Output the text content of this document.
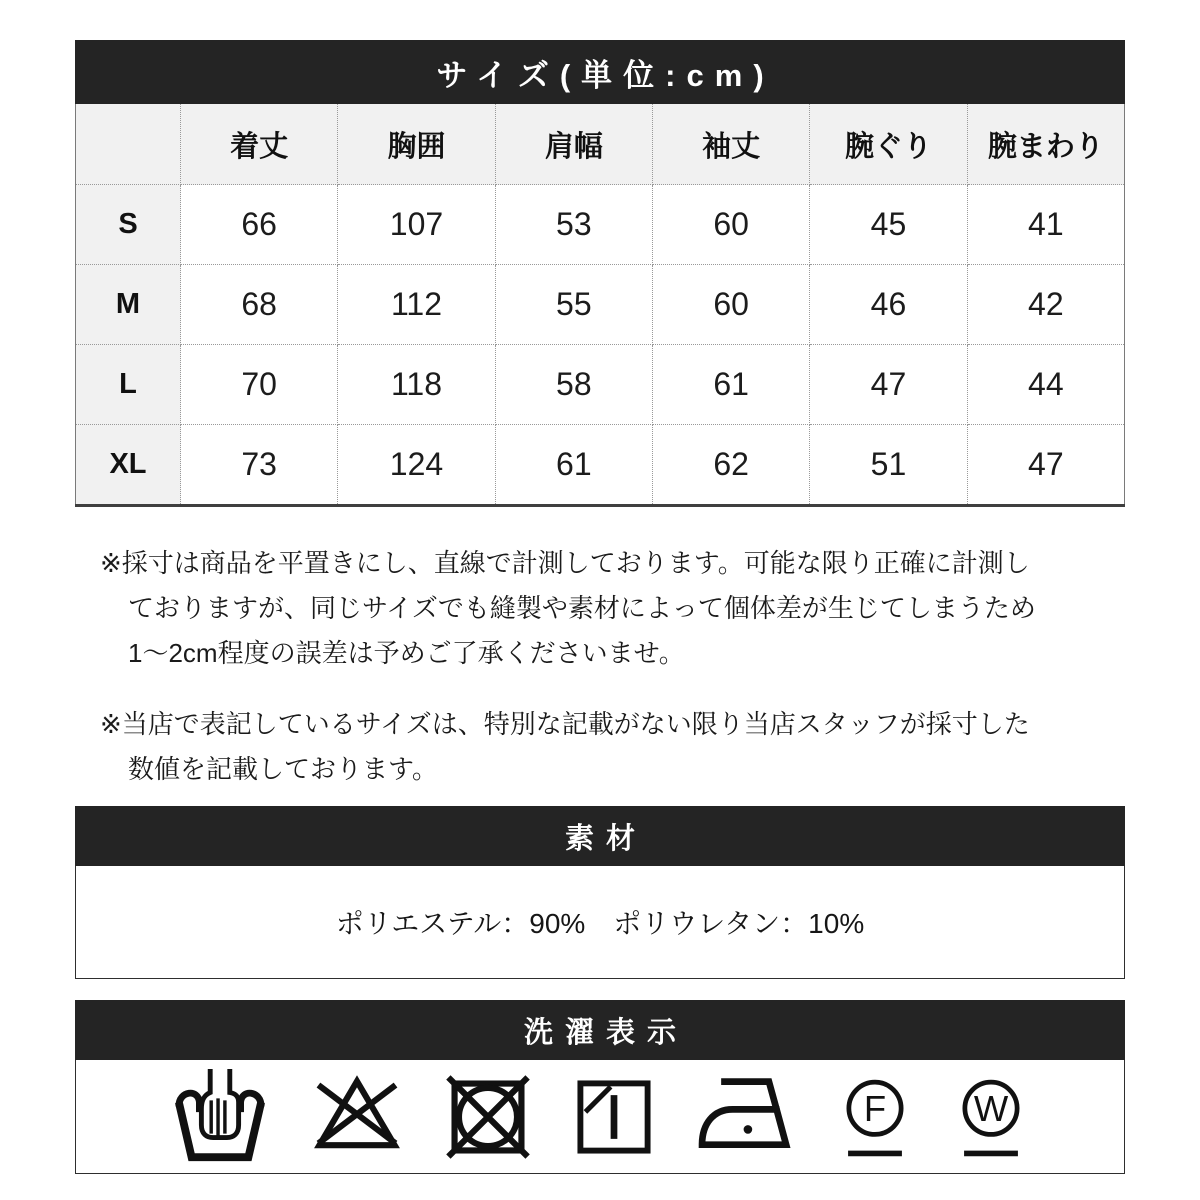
サイズ(単位:cm)						
	着丈	胸囲	肩幅	袖丈	腕ぐり	腕まわり
S	66	107	53	60	45	41
M	68	112	55	60	46	42
L	70	118	58	61	47	44
XL	73	124	61	62	51	47
※採寸は商品を平置きにし、直線で計測しております。可能な限り正確に計測し
ておりますが、同じサイズでも縫製や素材によって個体差が生じてしまうため
1〜2cm程度の誤差は予めご了承くださいませ。
※当店で表記しているサイズは、特別な記載がない限り当店スタッフが採寸した
数値を記載しております。
素材
ポリエステル：90%　ポリウレタン：10%
洗濯表示
F W
